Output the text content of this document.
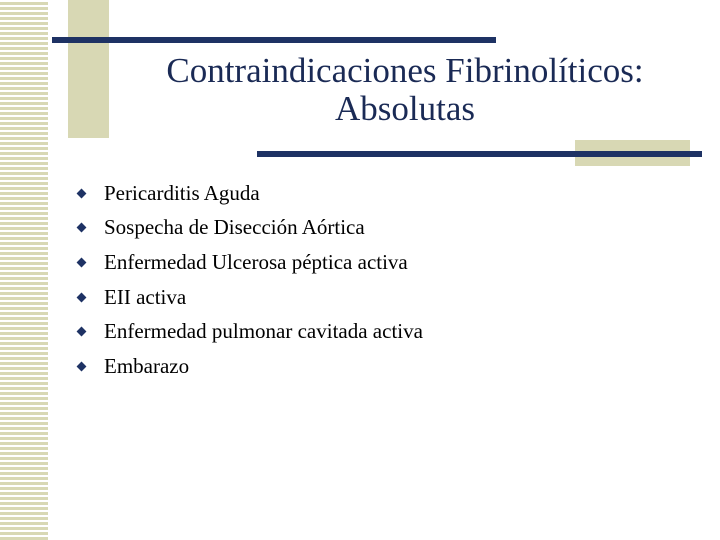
Contraindicaciones Fibrinolíticos:
Absolutas
Pericarditis Aguda
Sospecha de Disección Aórtica
Enfermedad Ulcerosa péptica activa
EII activa
Enfermedad pulmonar cavitada activa
Embarazo
